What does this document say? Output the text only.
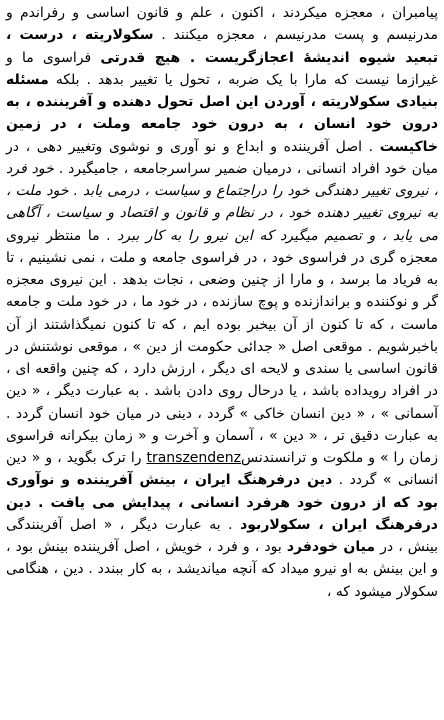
پیامبران ، معجزه میکردند ، اکنون ، علم و قانون اساسی و رفراندم و مدرنیسم و پست مدرنیسم ، معجزه میکنند . سکولاریته ، درست ، تبعید شیوه اندیشهٔ اعجازگریست . هیچ قدرتی فراسوی ما و غیرازما نیست که مارا با یک ضربه ، تحول یا تغییر بدهد . بلکه مسئله بنیادی سکولاریته ، آوردن این اصل تحول دهنده و آفریننده ، به درون خود انسان ، به درون خود جامعه وملت ، در زمین خاکیست . اصل آفریننده و ابداع و نو آوری و نوشوی وتغییر دهی ، در میان خود افراد انسانی ، درمیان ضمیر سراسرجامعه ، جامیگیرد . خود فرد ، نیروی تغییر دهندگی خود را دراجتماع و سیاست ، درمی یابد . خود ملت ، به نیروی تغییر دهنده خود ، در نظام و قانون و اقتصاد و سیاست ، آگاهی می یابد ، و تصمیم میگیرد که این نیرو را به کار ببرد . ما منتظر نیروی معجزه گری در فراسوی خود ، در فراسوی جامعه و ملت ، نمی نشینیم ، تا به فریاد ما برسد ، و مارا از چنین وضعی ، نجات بدهد . این نیروی معجزه گر و نوکننده و براندازنده و پوچ سازنده ، در خود ما ، در خود ملت و جامعه ماست ، که تا کنون از آن بیخبر بوده ایم ، که تا کنون نمیگذاشتند از آن باخبرشویم . موقعی اصل « جدائی حکومت از دین » ، موقعی نوشتنش در قانون اساسی یا سندی و لایحه ای دیگر ، ارزش دارد ، که چنین واقعه ای ، در افراد رویداده باشد ، یا درحال روی دادن باشد . به عبارت دیگر ، « دین آسمانی » ، « دین انسان خاکی » گردد ، دینی در میان خود انسان گردد . به عبارت دقیق تر ، « دین » ، آسمان و آخرت و « زمان بیکرانه فراسوی زمان را » و ملکوت و ترانسندنسtranszendenz را ترک بگوید ، و « دین انسانی » گردد . دین درفرهنگ ایران ، بینش آفریننده و نوآوری بود که از درون خود هرفرد انسانی ، پیدایش می یافت . دین درفرهنگ ایران ، سکولاربود . به عبارت دیگر ، « اصل آفرینندگی بینش ، در میان خودفرد بود ، و فرد ، خویش ، اصل آفریننده بینش بود ، و این بینش به او نیرو میداد که آنچه میاندیشد ، به کار ببندد . دین ، هنگامی سکولار میشود که ،
